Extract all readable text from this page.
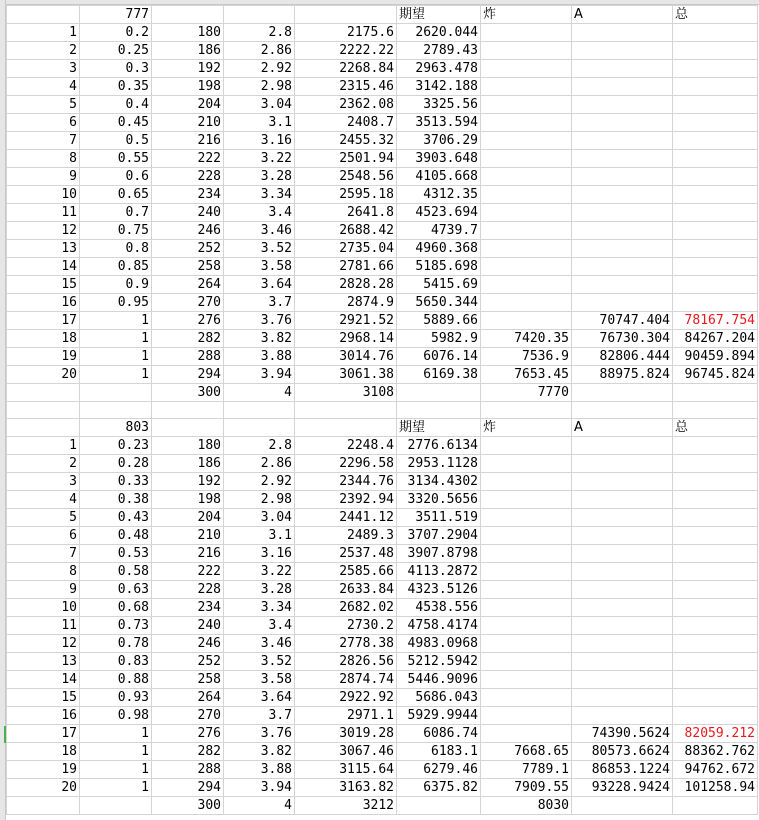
	777				期望	炸	A	总
1	0.2	180	2.8	2175.6	2620.044			
2	0.25	186	2.86	2222.22	2789.43			
3	0.3	192	2.92	2268.84	2963.478			
4	0.35	198	2.98	2315.46	3142.188			
5	0.4	204	3.04	2362.08	3325.56			
6	0.45	210	3.1	2408.7	3513.594			
7	0.5	216	3.16	2455.32	3706.29			
8	0.55	222	3.22	2501.94	3903.648			
9	0.6	228	3.28	2548.56	4105.668			
10	0.65	234	3.34	2595.18	4312.35			
11	0.7	240	3.4	2641.8	4523.694			
12	0.75	246	3.46	2688.42	4739.7			
13	0.8	252	3.52	2735.04	4960.368			
14	0.85	258	3.58	2781.66	5185.698			
15	0.9	264	3.64	2828.28	5415.69			
16	0.95	270	3.7	2874.9	5650.344			
17	1	276	3.76	2921.52	5889.66		70747.404	78167.754
18	1	282	3.82	2968.14	5982.9	7420.35	76730.304	84267.204
19	1	288	3.88	3014.76	6076.14	7536.9	82806.444	90459.894
20	1	294	3.94	3061.38	6169.38	7653.45	88975.824	96745.824
		300	4	3108		7770		

	803				期望	炸	A	总
1	0.23	180	2.8	2248.4	2776.6134			
2	0.28	186	2.86	2296.58	2953.1128			
3	0.33	192	2.92	2344.76	3134.4302			
4	0.38	198	2.98	2392.94	3320.5656			
5	0.43	204	3.04	2441.12	3511.519			
6	0.48	210	3.1	2489.3	3707.2904			
7	0.53	216	3.16	2537.48	3907.8798			
8	0.58	222	3.22	2585.66	4113.2872			
9	0.63	228	3.28	2633.84	4323.5126			
10	0.68	234	3.34	2682.02	4538.556			
11	0.73	240	3.4	2730.2	4758.4174			
12	0.78	246	3.46	2778.38	4983.0968			
13	0.83	252	3.52	2826.56	5212.5942			
14	0.88	258	3.58	2874.74	5446.9096			
15	0.93	264	3.64	2922.92	5686.043			
16	0.98	270	3.7	2971.1	5929.9944			
17	1	276	3.76	3019.28	6086.74		74390.5624	82059.212
18	1	282	3.82	3067.46	6183.1	7668.65	80573.6624	88362.762
19	1	288	3.88	3115.64	6279.46	7789.1	86853.1224	94762.672
20	1	294	3.94	3163.82	6375.82	7909.55	93228.9424	101258.94
		300	4	3212		8030		
